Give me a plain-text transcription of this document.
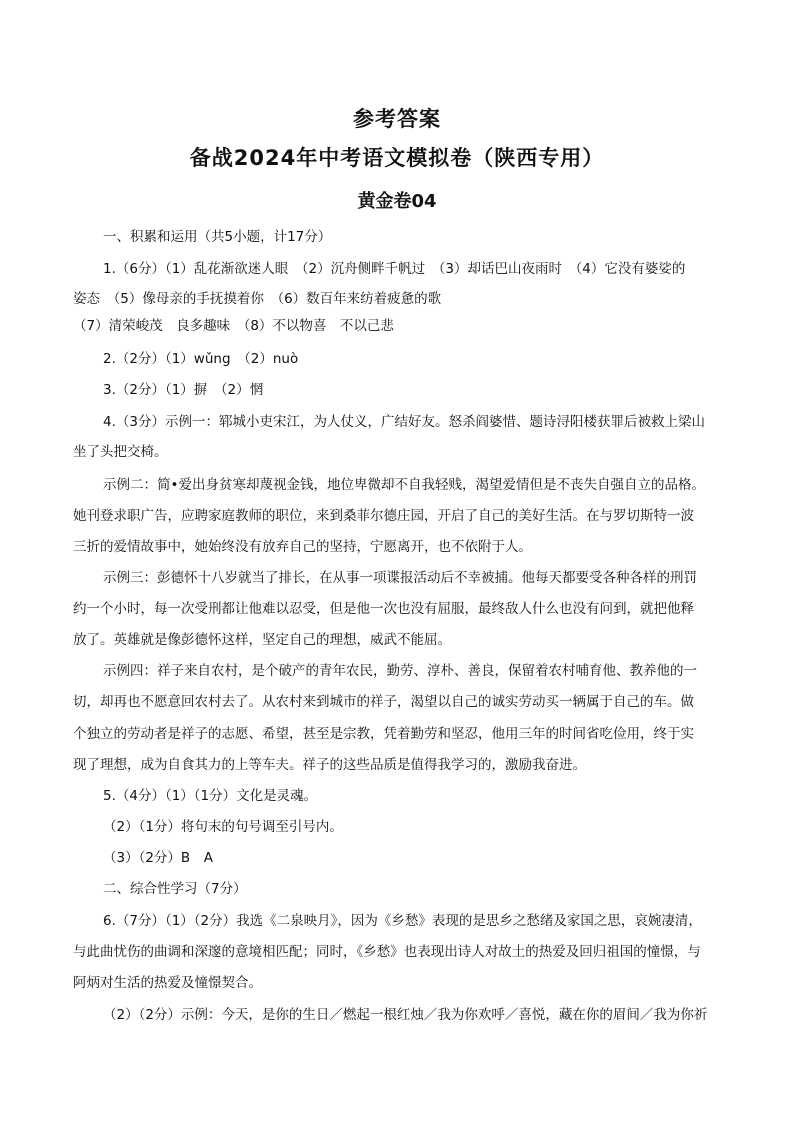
参考答案
备战2024年中考语文模拟卷（陕西专用）
黄金卷04
一、积累和运用（共5小题，计17分）
1.（6分）（1）乱花渐欲迷人眼　（2）沉舟侧畔千帆过　（3）却话巴山夜雨时　（4）它没有婆娑的
姿态　（5）像母亲的手抚摸着你　（6）数百年来纺着疲惫的歌
（7）清荣峻茂　良多趣味　（8）不以物喜　不以己悲
2.（2分）（1）wǔng　（2）nuò
3.（2分）（1）摒　（2）惘
4.（3分）示例一：郓城小吏宋江，为人仗义，广结好友。怒杀阎婆惜、题诗浔阳楼获罪后被救上梁山
坐了头把交椅。
示例二：简•爱出身贫寒却蔑视金钱，地位卑微却不自我轻贱，渴望爱情但是不丧失自强自立的品格。
她刊登求职广告，应聘家庭教师的职位，来到桑菲尔德庄园，开启了自己的美好生活。在与罗切斯特一波
三折的爱情故事中，她始终没有放弃自己的坚持，宁愿离开，也不依附于人。
示例三：彭德怀十八岁就当了排长，在从事一项谍报活动后不幸被捕。他每天都要受各种各样的刑罚
约一个小时，每一次受刑都让他难以忍受，但是他一次也没有屈服，最终敌人什么也没有问到，就把他释
放了。英雄就是像彭德怀这样，坚定自己的理想，威武不能屈。
示例四：祥子来自农村，是个破产的青年农民，勤劳、淳朴、善良，保留着农村哺育他、教养他的一
切，却再也不愿意回农村去了。从农村来到城市的祥子，渴望以自己的诚实劳动买一辆属于自己的车。做
个独立的劳动者是祥子的志愿、希望，甚至是宗教，凭着勤劳和坚忍，他用三年的时间省吃俭用，终于实
现了理想，成为自食其力的上等车夫。祥子的这些品质是值得我学习的，激励我奋进。
5.（4分）（1）（1分）文化是灵魂。
（2）（1分）将句末的句号调至引号内。
（3）（2分）B　A
二、综合性学习（7分）
6.（7分）（1）（2分）我选《二泉映月》，因为《乡愁》表现的是思乡之愁绪及家国之思，哀婉凄清，
与此曲忧伤的曲调和深邃的意境相匹配；同时，《乡愁》也表现出诗人对故土的热爱及回归祖国的憧憬，与
阿炳对生活的热爱及憧憬契合。
（2）（2分）示例：今天，是你的生日／燃起一根红烛／我为你欢呼／喜悦，藏在你的眉间／我为你祈
